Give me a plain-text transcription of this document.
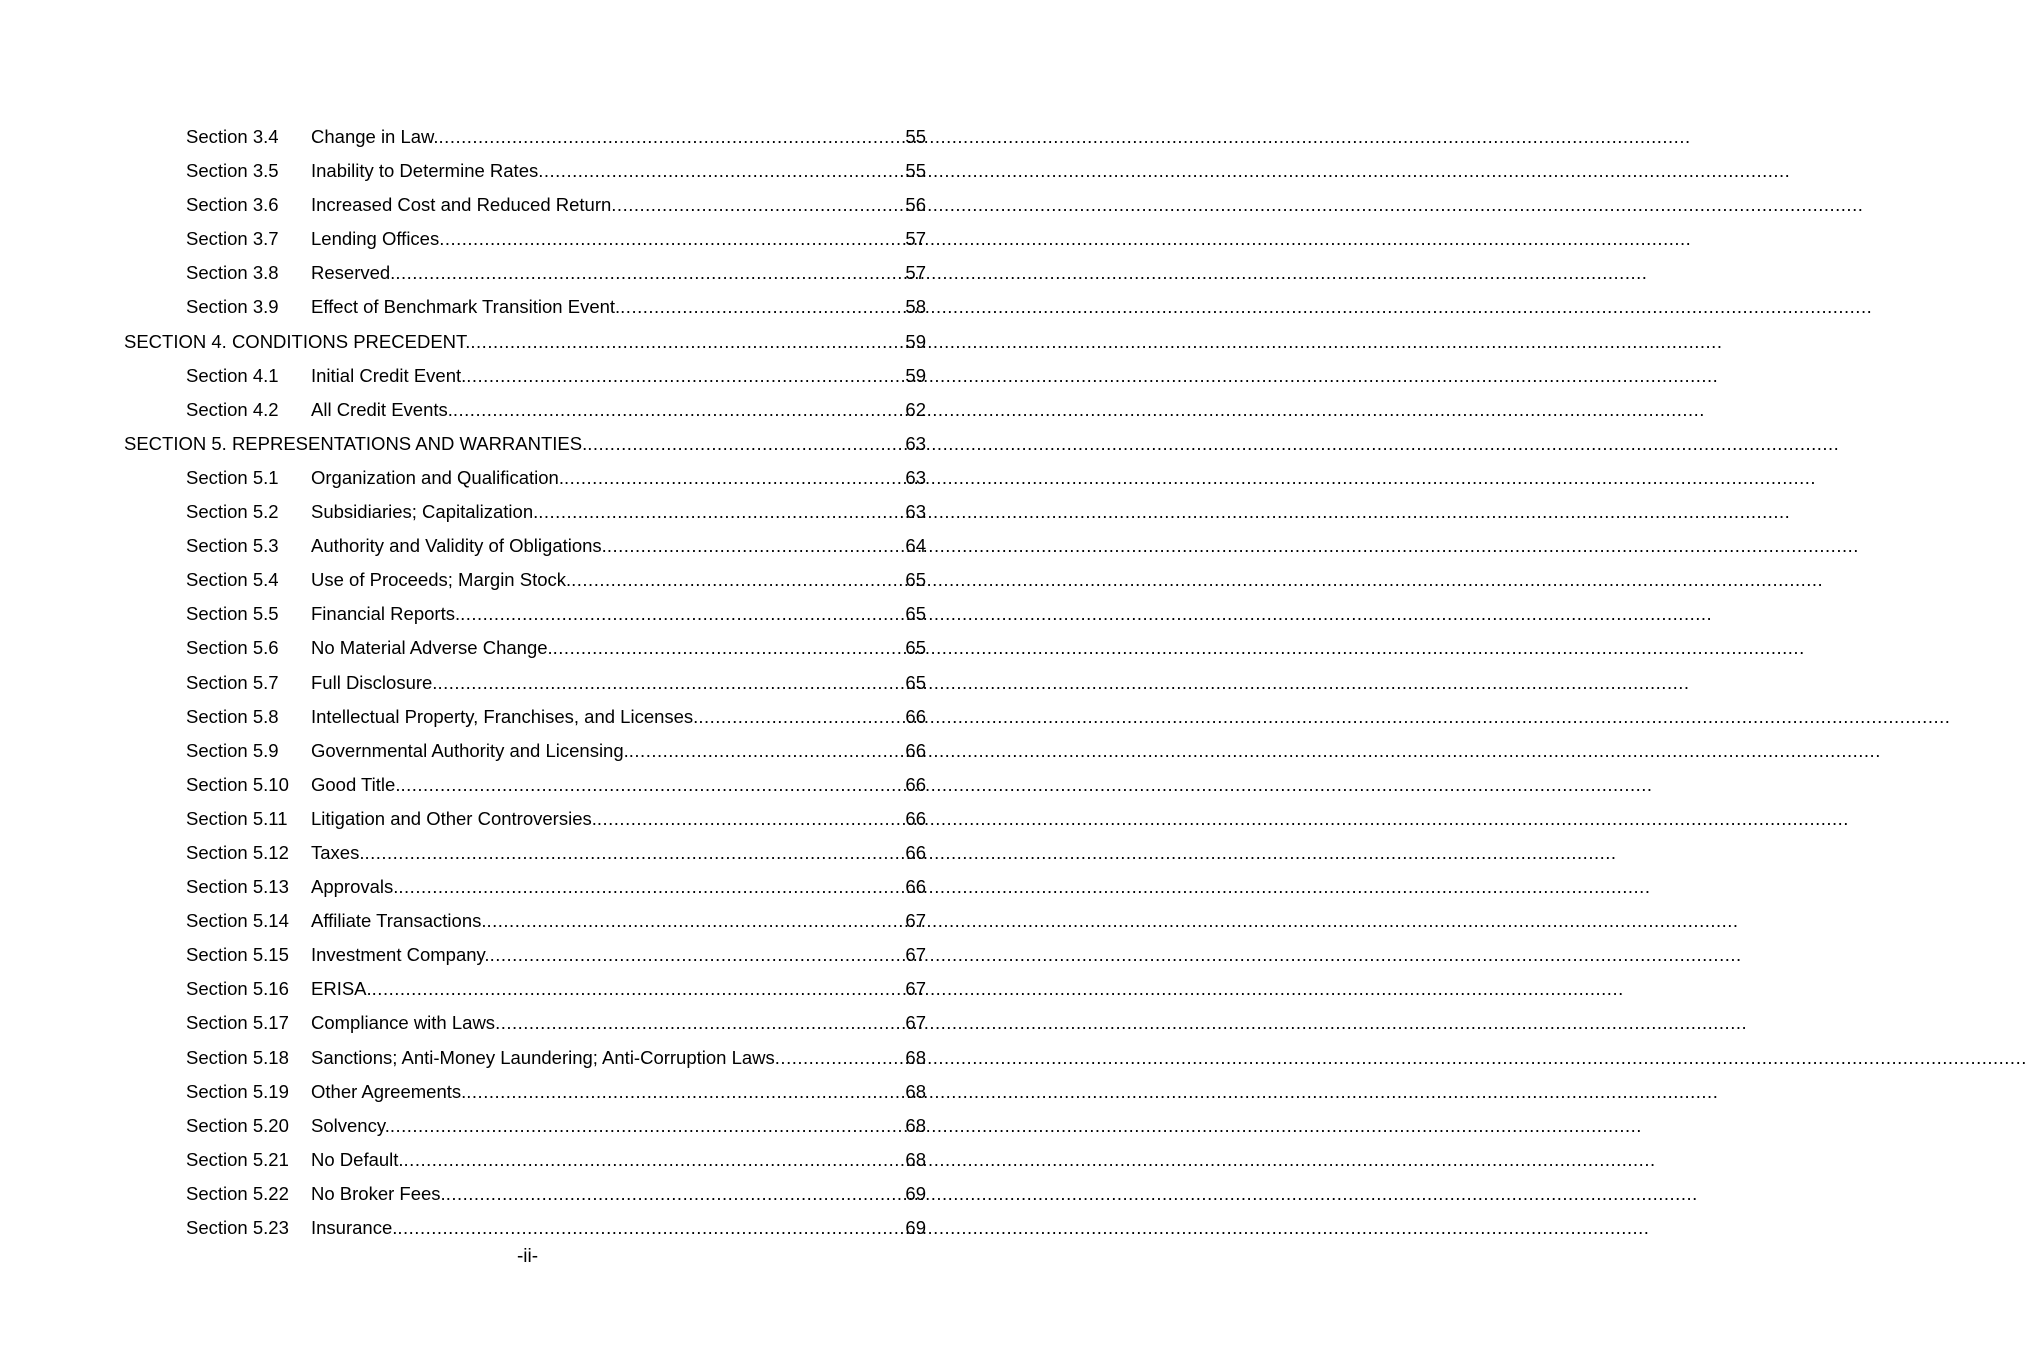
Section 3.4	Change in Law. .....	55
Section 3.5	Inability to Determine Rates .....	55
Section 3.6	Increased Cost and Reduced Return .....	56
Section 3.7	Lending Offices .....	57
Section 3.8	Reserved. .....	57
Section 3.9	Effect of Benchmark Transition Event. .....	58
SECTION 4. CONDITIONS PRECEDENT. .....	59
Section 4.1	Initial Credit Event. .....	59
Section 4.2	All Credit Events. .....	62
SECTION 5. REPRESENTATIONS AND WARRANTIES. .....	63
Section 5.1	Organization and Qualification. .....	63
Section 5.2	Subsidiaries; Capitalization. .....	63
Section 5.3	Authority and Validity of Obligations. .....	64
Section 5.4	Use of Proceeds; Margin Stock. .....	65
Section 5.5	Financial Reports. .....	65
Section 5.6	No Material Adverse Change. .....	65
Section 5.7	Full Disclosure. .....	65
Section 5.8	Intellectual Property, Franchises, and Licenses. .....	66
Section 5.9	Governmental Authority and Licensing. .....	66
Section 5.10	Good Title. .....	66
Section 5.11	Litigation and Other Controversies. .....	66
Section 5.12	Taxes. .....	66
Section 5.13	Approvals. .....	66
Section 5.14	Affiliate Transactions. .....	67
Section 5.15	Investment Company. .....	67
Section 5.16	ERISA. .....	67
Section 5.17	Compliance with Laws .....	67
Section 5.18	Sanctions; Anti-Money Laundering; Anti-Corruption Laws .....	68
Section 5.19	Other Agreements. .....	68
Section 5.20	Solvency. .....	68
Section 5.21	No Default. .....	68
Section 5.22	No Broker Fees. .....	69
Section 5.23	Insurance. .....	69
-ii-
